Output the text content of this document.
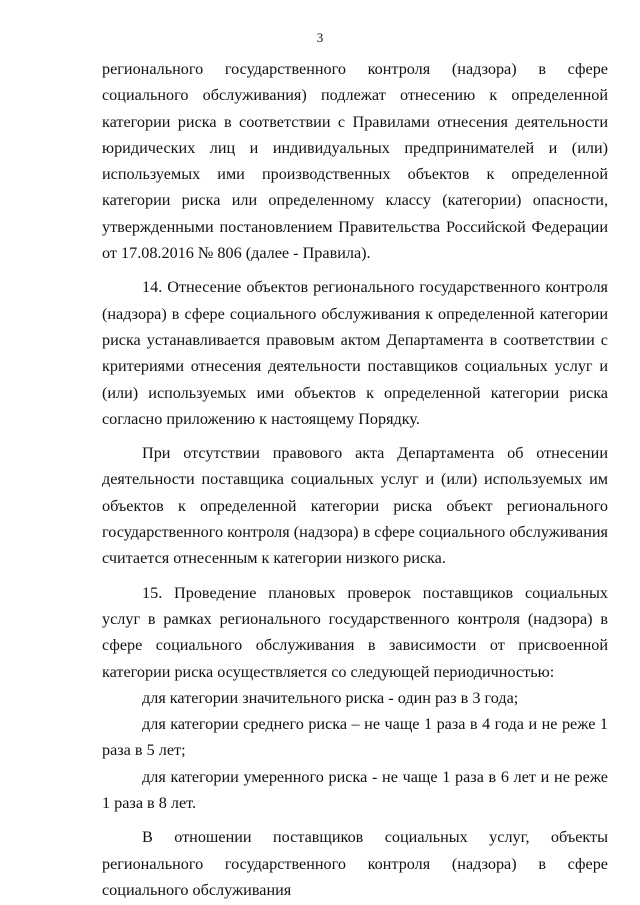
3

регионального государственного контроля (надзора) в сфере социального обслуживания) подлежат отнесению к определенной категории риска в соответствии с Правилами отнесения деятельности юридических лиц и индивидуальных предпринимателей и (или) используемых ими производственных объектов к определенной категории риска или определенному классу (категории) опасности, утвержденными постановлением Правительства Российской Федерации от 17.08.2016 № 806 (далее - Правила).

14. Отнесение объектов регионального государственного контроля (надзора) в сфере социального обслуживания к определенной категории риска устанавливается правовым актом Департамента в соответствии с критериями отнесения деятельности поставщиков социальных услуг и (или) используемых ими объектов к определенной категории риска согласно приложению к настоящему Порядку.

При отсутствии правового акта Департамента об отнесении деятельности поставщика социальных услуг и (или) используемых им объектов к определенной категории риска объект регионального государственного контроля (надзора) в сфере социального обслуживания считается отнесенным к категории низкого риска.

15. Проведение плановых проверок поставщиков социальных услуг в рамках регионального государственного контроля (надзора) в сфере социального обслуживания в зависимости от присвоенной категории риска осуществляется со следующей периодичностью:

для категории значительного риска - один раз в 3 года;

для категории среднего риска – не чаще 1 раза в 4 года и не реже 1 раза в 5 лет;

для категории умеренного риска - не чаще 1 раза в 6 лет и не реже 1 раза в 8 лет.

В отношении поставщиков социальных услуг, объекты регионального государственного контроля (надзора) в сфере социального обслуживания
